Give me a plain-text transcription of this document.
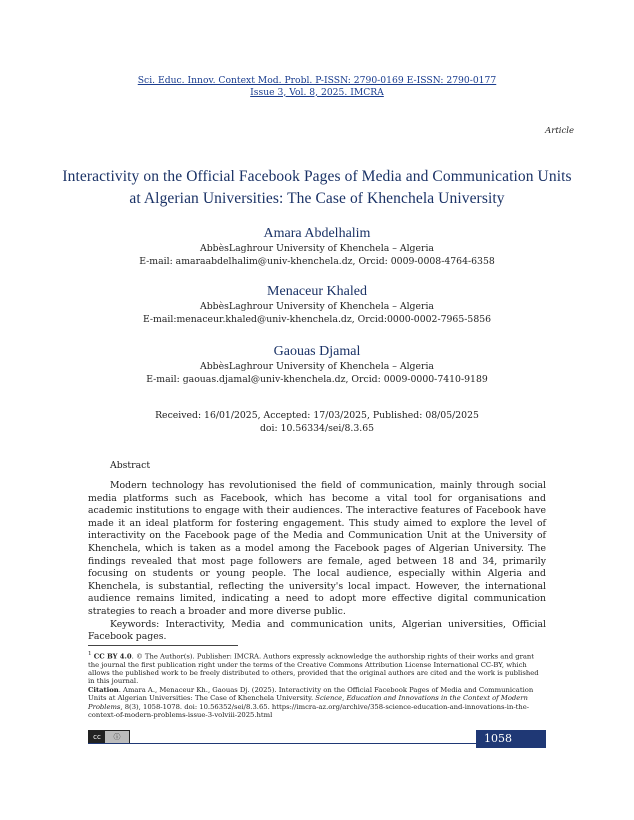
Sci. Educ. Innov. Context Mod. Probl. P-ISSN: 2790-0169 E-ISSN: 2790-0177
Issue 3, Vol. 8, 2025. IMCRA
Article
Interactivity on the Official Facebook Pages of Media and Communication Units at Algerian Universities: The Case of Khenchela University
Amara Abdelhalim
AbbèsLaghrour University of Khenchela – Algeria
E-mail: amaraabdelhalim@univ-khenchela.dz, Orcid: 0009-0008-4764-6358
Menaceur Khaled
AbbèsLaghrour University of Khenchela – Algeria
E-mail:menaceur.khaled@univ-khenchela.dz, Orcid:0000-0002-7965-5856
Gaouas Djamal
AbbèsLaghrour University of Khenchela – Algeria
E-mail: gaouas.djamal@univ-khenchela.dz, Orcid: 0009-0000-7410-9189
Received: 16/01/2025, Accepted: 17/03/2025, Published: 08/05/2025
doi: 10.56334/sei/8.3.65
Abstract

Modern technology has revolutionised the field of communication, mainly through social media platforms such as Facebook, which has become a vital tool for organisations and academic institutions to engage with their audiences. The interactive features of Facebook have made it an ideal platform for fostering engagement. This study aimed to explore the level of interactivity on the Facebook page of the Media and Communication Unit at the University of Khenchela, which is taken as a model among the Facebook pages of Algerian University. The findings revealed that most page followers are female, aged between 18 and 34, primarily focusing on students or young people. The local audience, especially within Algeria and Khenchela, is substantial, reflecting the university's local impact. However, the international audience remains limited, indicating a need to adopt more effective digital communication strategies to reach a broader and more diverse public.

Keywords: Interactivity, Media and communication units, Algerian universities, Official Facebook pages.

$^1$ CC BY 4.0. © The Author(s). Publisher: IMCRA. Authors expressly acknowledge the authorship rights of their works and grant the journal the first publication right under the terms of the Creative Commons Attribution License International CC-BY, which allows the published work to be freely distributed to others, provided that the original authors are cited and the work is published in this journal.

Citation. Amara A., Menaceur Kh., Gaouas Dj. (2025). Interactivity on the Official Facebook Pages of Media and Communication Units at Algerian Universities: The Case of Khenchela University. Science, Education and Innovations in the Context of Modern Problems, 8(3), 1058-1078. doi: 10.56352/sei/8.3.65. https://imcra-az.org/archive/358-science-education-and-innovations-in-the-context-of-modern-problems-issue-3-volviii-2025.html

cc	ⓘ	1058
